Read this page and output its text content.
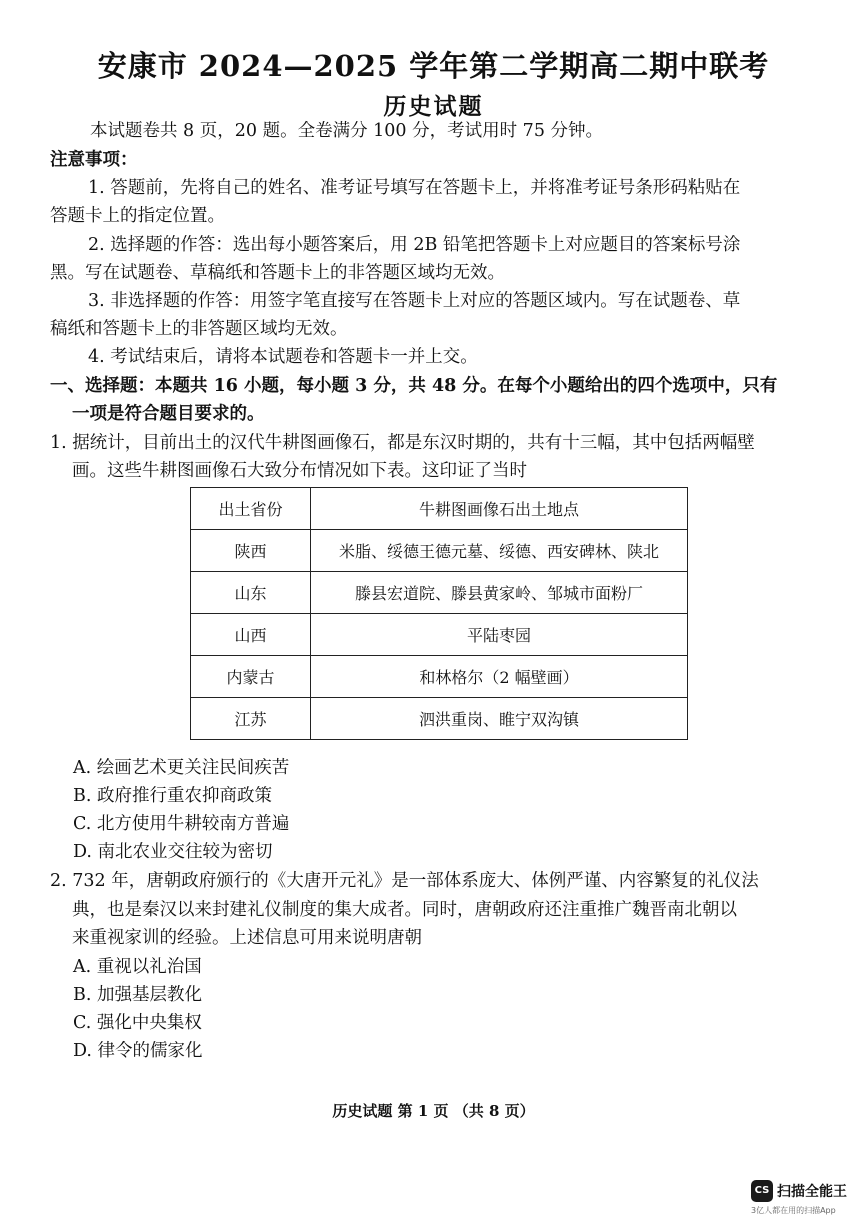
安康市 2024—2025 学年第二学期高二期中联考
历史试题
本试题卷共 8 页，20 题。全卷满分 100 分，考试用时 75 分钟。
注意事项：
1. 答题前，先将自己的姓名、准考证号填写在答题卡上，并将准考证号条形码粘贴在
答题卡上的指定位置。
2. 选择题的作答：选出每小题答案后，用 2B 铅笔把答题卡上对应题目的答案标号涂
黑。写在试题卷、草稿纸和答题卡上的非答题区域均无效。
3. 非选择题的作答：用签字笔直接写在答题卡上对应的答题区域内。写在试题卷、草
稿纸和答题卡上的非答题区域均无效。
4. 考试结束后，请将本试题卷和答题卡一并上交。
一、选择题：本题共 16 小题，每小题 3 分，共 48 分。在每个小题给出的四个选项中，只有
一项是符合题目要求的。
1. 据统计，目前出土的汉代牛耕图画像石，都是东汉时期的，共有十三幅，其中包括两幅壁
画。这些牛耕图画像石大致分布情况如下表。这印证了当时
出土省份	牛耕图画像石出土地点
陕西	米脂、绥德王德元墓、绥德、西安碑林、陕北
山东	滕县宏道院、滕县黄家岭、邹城市面粉厂
山西	平陆枣园
内蒙古	和林格尔（2 幅壁画）
江苏	泗洪重岗、睢宁双沟镇
A. 绘画艺术更关注民间疾苦
B. 政府推行重农抑商政策
C. 北方使用牛耕较南方普遍
D. 南北农业交往较为密切
2. 732 年，唐朝政府颁行的《大唐开元礼》是一部体系庞大、体例严谨、内容繁复的礼仪法
典，也是秦汉以来封建礼仪制度的集大成者。同时，唐朝政府还注重推广魏晋南北朝以
来重视家训的经验。上述信息可用来说明唐朝
A. 重视以礼治国
B. 加强基层教化
C. 强化中央集权
D. 律令的儒家化
历史试题 第 1 页 （共 8 页）
CS 扫描全能王
3亿人都在用的扫描App
